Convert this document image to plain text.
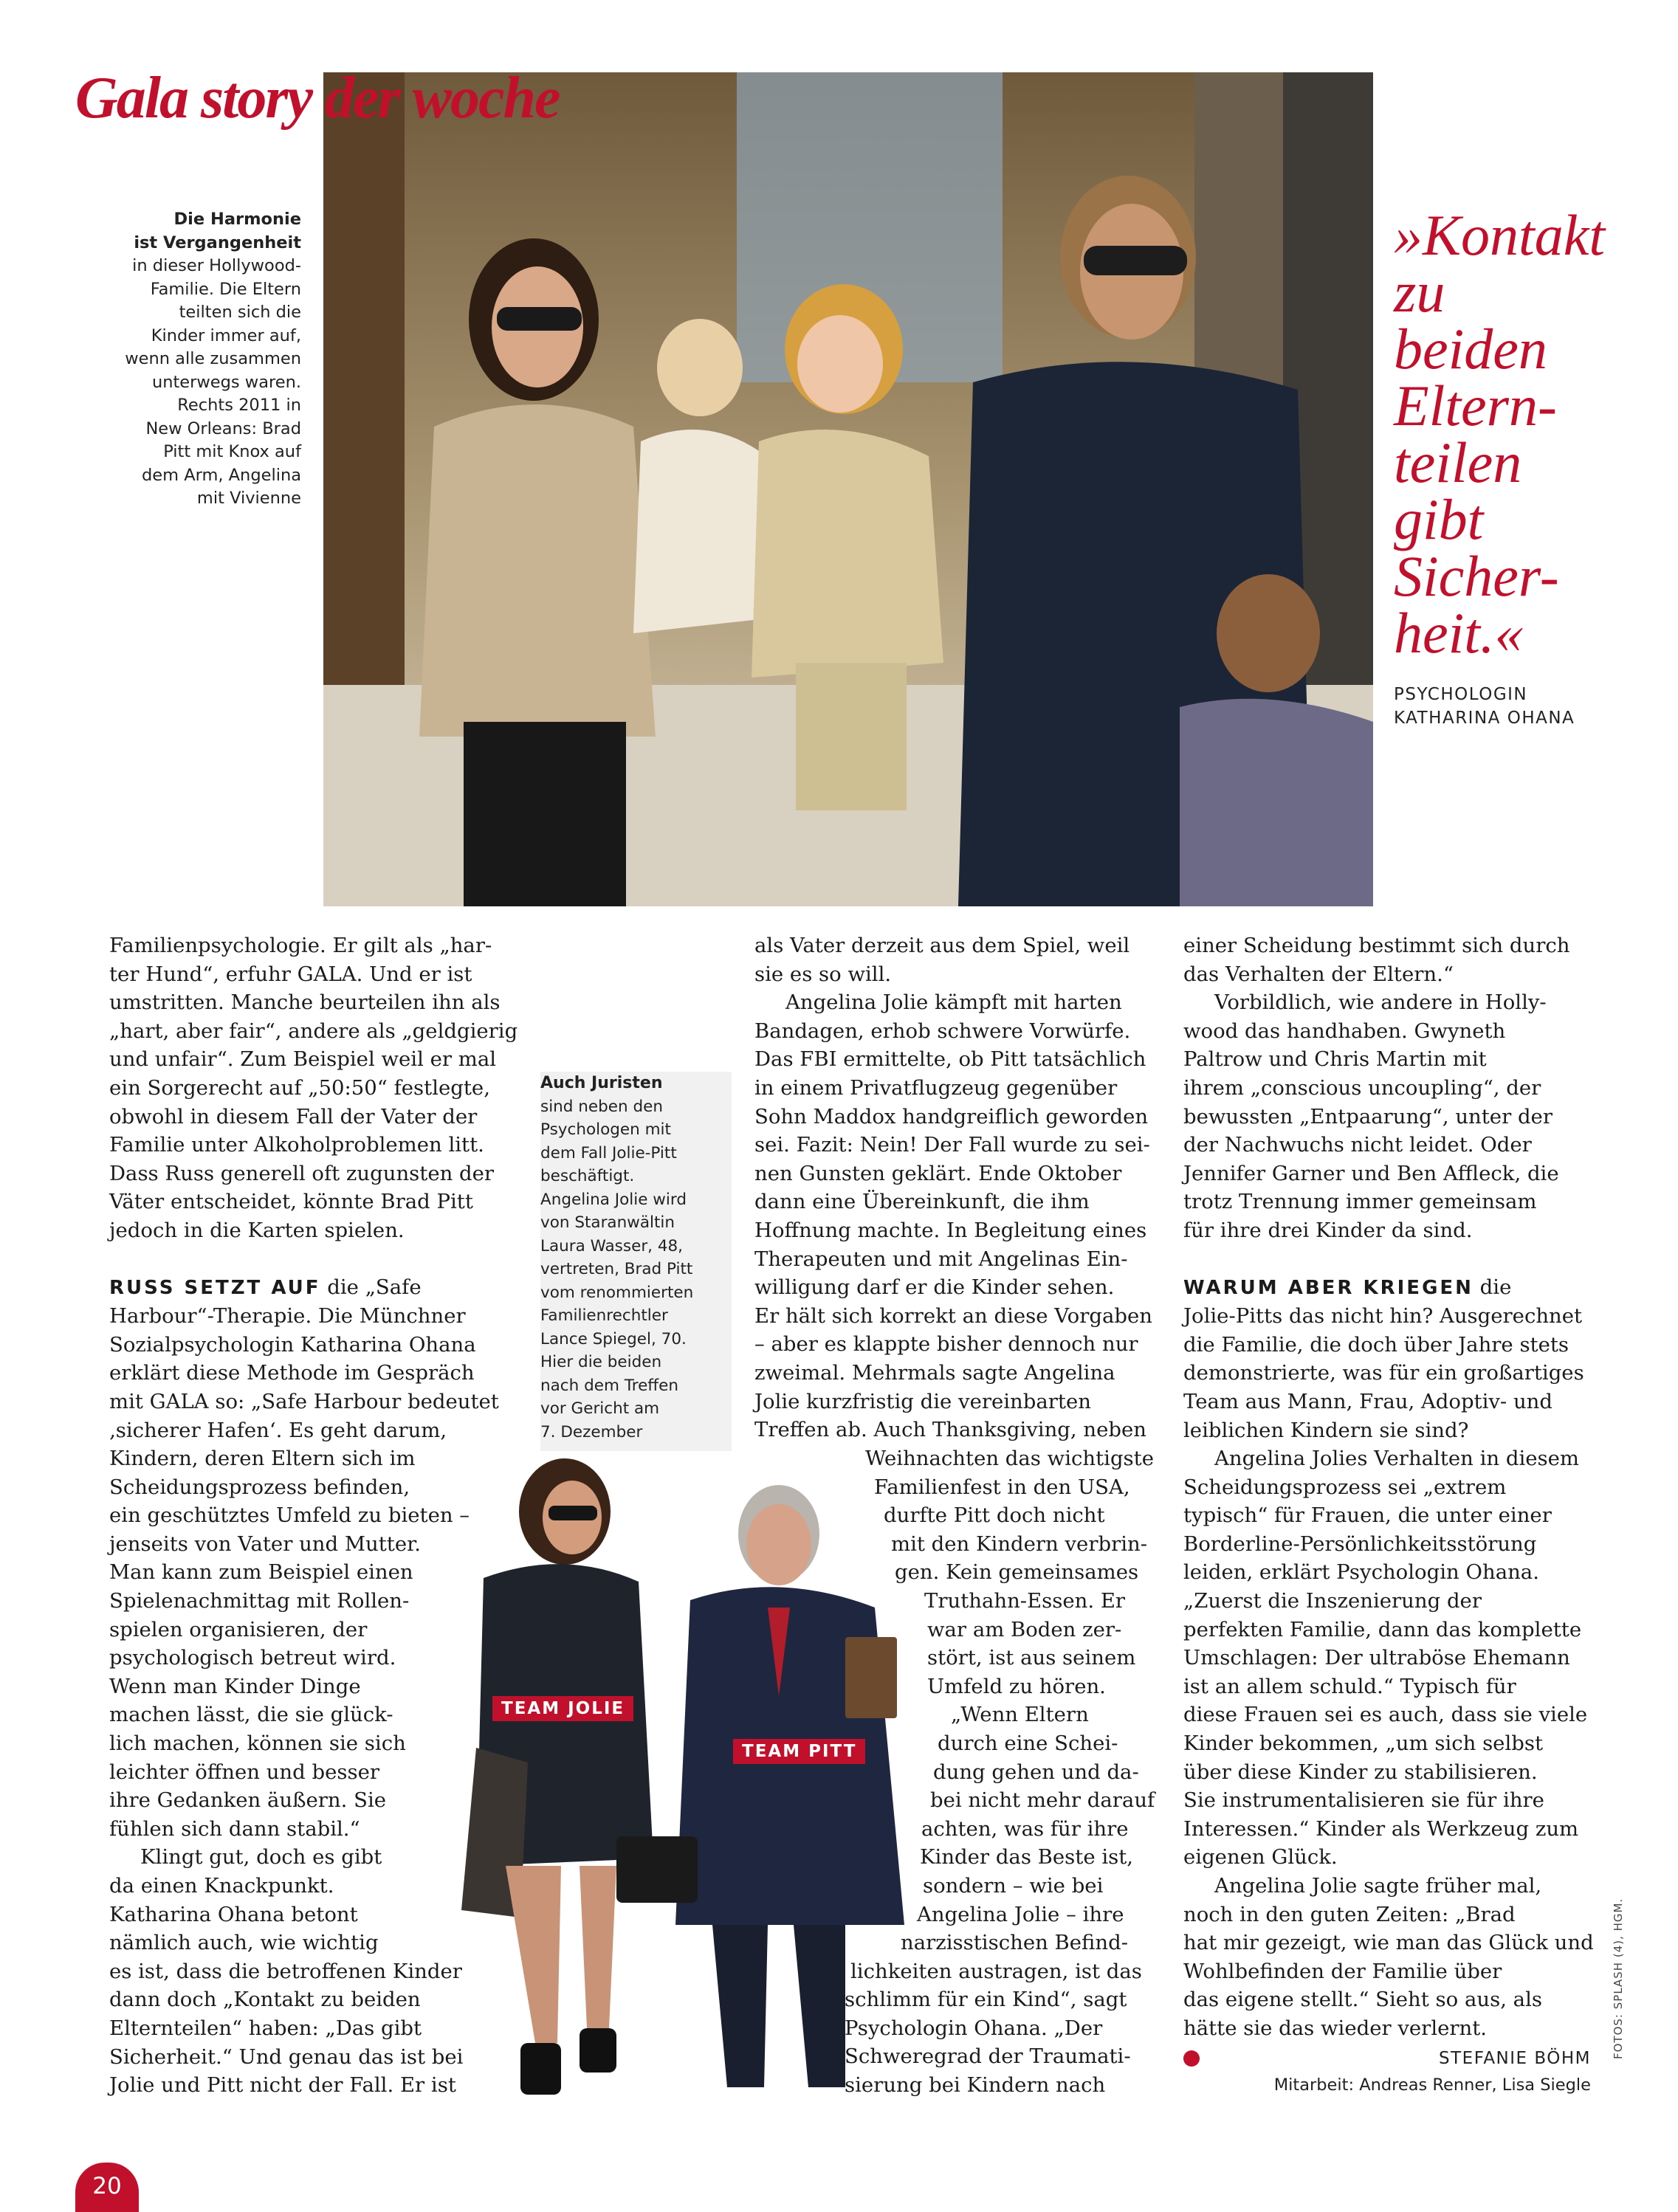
Gala story der woche
Die Harmonie
ist Vergangenheit
in dieser Hollywood-
Familie. Die Eltern
teilten sich die
Kinder immer auf,
wenn alle zusammen
unterwegs waren.
Rechts 2011 in
New Orleans: Brad
Pitt mit Knox auf
dem Arm, Angelina
mit Vivienne
»Kontakt
zu
beiden
Eltern-
teilen
gibt
Sicher-
heit.«
PSYCHOLOGIN
KATHARINA OHANA
Familienpsychologie. Er gilt als „har-
ter Hund“, erfuhr GALA. Und er ist
umstritten. Manche beurteilen ihn als
„hart, aber fair“, andere als „geldgierig
und unfair“. Zum Beispiel weil er mal
ein Sorgerecht auf „50:50“ festlegte,
obwohl in diesem Fall der Vater der
Familie unter Alkoholproblemen litt.
Dass Russ generell oft zugunsten der
Väter entscheidet, könnte Brad Pitt
jedoch in die Karten spielen.
RUSS SETZT AUF die „Safe
Harbour“-Therapie. Die Münchner
Sozialpsychologin Katharina Ohana
erklärt diese Methode im Gespräch
mit GALA so: „Safe Harbour bedeutet
‚sicherer Hafen‘. Es geht darum,
Kindern, deren Eltern sich im
Scheidungsprozess befinden,
ein geschütztes Umfeld zu bieten –
jenseits von Vater und Mutter.
Man kann zum Beispiel einen
Spielenachmittag mit Rollen-
spielen organisieren, der
psychologisch betreut wird.
Wenn man Kinder Dinge
machen lässt, die sie glück-
lich machen, können sie sich
leichter öffnen und besser
ihre Gedanken äußern. Sie
fühlen sich dann stabil.“
Klingt gut, doch es gibt
da einen Knackpunkt.
Katharina Ohana betont
nämlich auch, wie wichtig
es ist, dass die betroffenen Kinder
dann doch „Kontakt zu beiden
Elternteilen“ haben: „Das gibt
Sicherheit.“ Und genau das ist bei
Jolie und Pitt nicht der Fall. Er ist
Auch Juristen
sind neben den
Psychologen mit
dem Fall Jolie-Pitt
beschäftigt.
Angelina Jolie wird
von Staranwältin
Laura Wasser, 48,
vertreten, Brad Pitt
vom renommierten
Familienrechtler
Lance Spiegel, 70.
Hier die beiden
nach dem Treffen
vor Gericht am
7. Dezember
TEAM JOLIE
TEAM PITT
als Vater derzeit aus dem Spiel, weil
sie es so will.
Angelina Jolie kämpft mit harten
Bandagen, erhob schwere Vorwürfe.
Das FBI ermittelte, ob Pitt tatsächlich
in einem Privatflugzeug gegenüber
Sohn Maddox handgreiflich geworden
sei. Fazit: Nein! Der Fall wurde zu sei-
nen Gunsten geklärt. Ende Oktober
dann eine Übereinkunft, die ihm
Hoffnung machte. In Begleitung eines
Therapeuten und mit Angelinas Ein-
willigung darf er die Kinder sehen.
Er hält sich korrekt an diese Vorgaben
– aber es klappte bisher dennoch nur
zweimal. Mehrmals sagte Angelina
Jolie kurzfristig die vereinbarten
Treffen ab. Auch Thanksgiving, neben
Weihnachten das wichtigste
Familienfest in den USA,
durfte Pitt doch nicht
mit den Kindern verbrin-
gen. Kein gemeinsames
Truthahn-Essen. Er
war am Boden zer-
stört, ist aus seinem
Umfeld zu hören.
„Wenn Eltern
durch eine Schei-
dung gehen und da-
bei nicht mehr darauf
achten, was für ihre
Kinder das Beste ist,
sondern – wie bei
Angelina Jolie – ihre
narzisstischen Befind-
lichkeiten austragen, ist das
schlimm für ein Kind“, sagt
Psychologin Ohana. „Der
Schweregrad der Traumati-
sierung bei Kindern nach
einer Scheidung bestimmt sich durch
das Verhalten der Eltern.“
Vorbildlich, wie andere in Holly-
wood das handhaben. Gwyneth
Paltrow und Chris Martin mit
ihrem „conscious uncoupling“, der
bewussten „Entpaarung“, unter der
der Nachwuchs nicht leidet. Oder
Jennifer Garner und Ben Affleck, die
trotz Trennung immer gemeinsam
für ihre drei Kinder da sind.
WARUM ABER KRIEGEN die
Jolie-Pitts das nicht hin? Ausgerechnet
die Familie, die doch über Jahre stets
demonstrierte, was für ein großartiges
Team aus Mann, Frau, Adoptiv- und
leiblichen Kindern sie sind?
Angelina Jolies Verhalten in diesem
Scheidungsprozess sei „extrem
typisch“ für Frauen, die unter einer
Borderline-Persönlichkeitsstörung
leiden, erklärt Psychologin Ohana.
„Zuerst die Inszenierung der
perfekten Familie, dann das komplette
Umschlagen: Der ultraböse Ehemann
ist an allem schuld.“ Typisch für
diese Frauen sei es auch, dass sie viele
Kinder bekommen, „um sich selbst
über diese Kinder zu stabilisieren.
Sie instrumentalisieren sie für ihre
Interessen.“ Kinder als Werkzeug zum
eigenen Glück.
Angelina Jolie sagte früher mal,
noch in den guten Zeiten: „Brad
hat mir gezeigt, wie man das Glück und
Wohlbefinden der Familie über
das eigene stellt.“ Sieht so aus, als
hätte sie das wieder verlernt.
STEFANIE BÖHM
Mitarbeit: Andreas Renner, Lisa Siegle
FOTOS: SPLASH (4), HGM.
20
